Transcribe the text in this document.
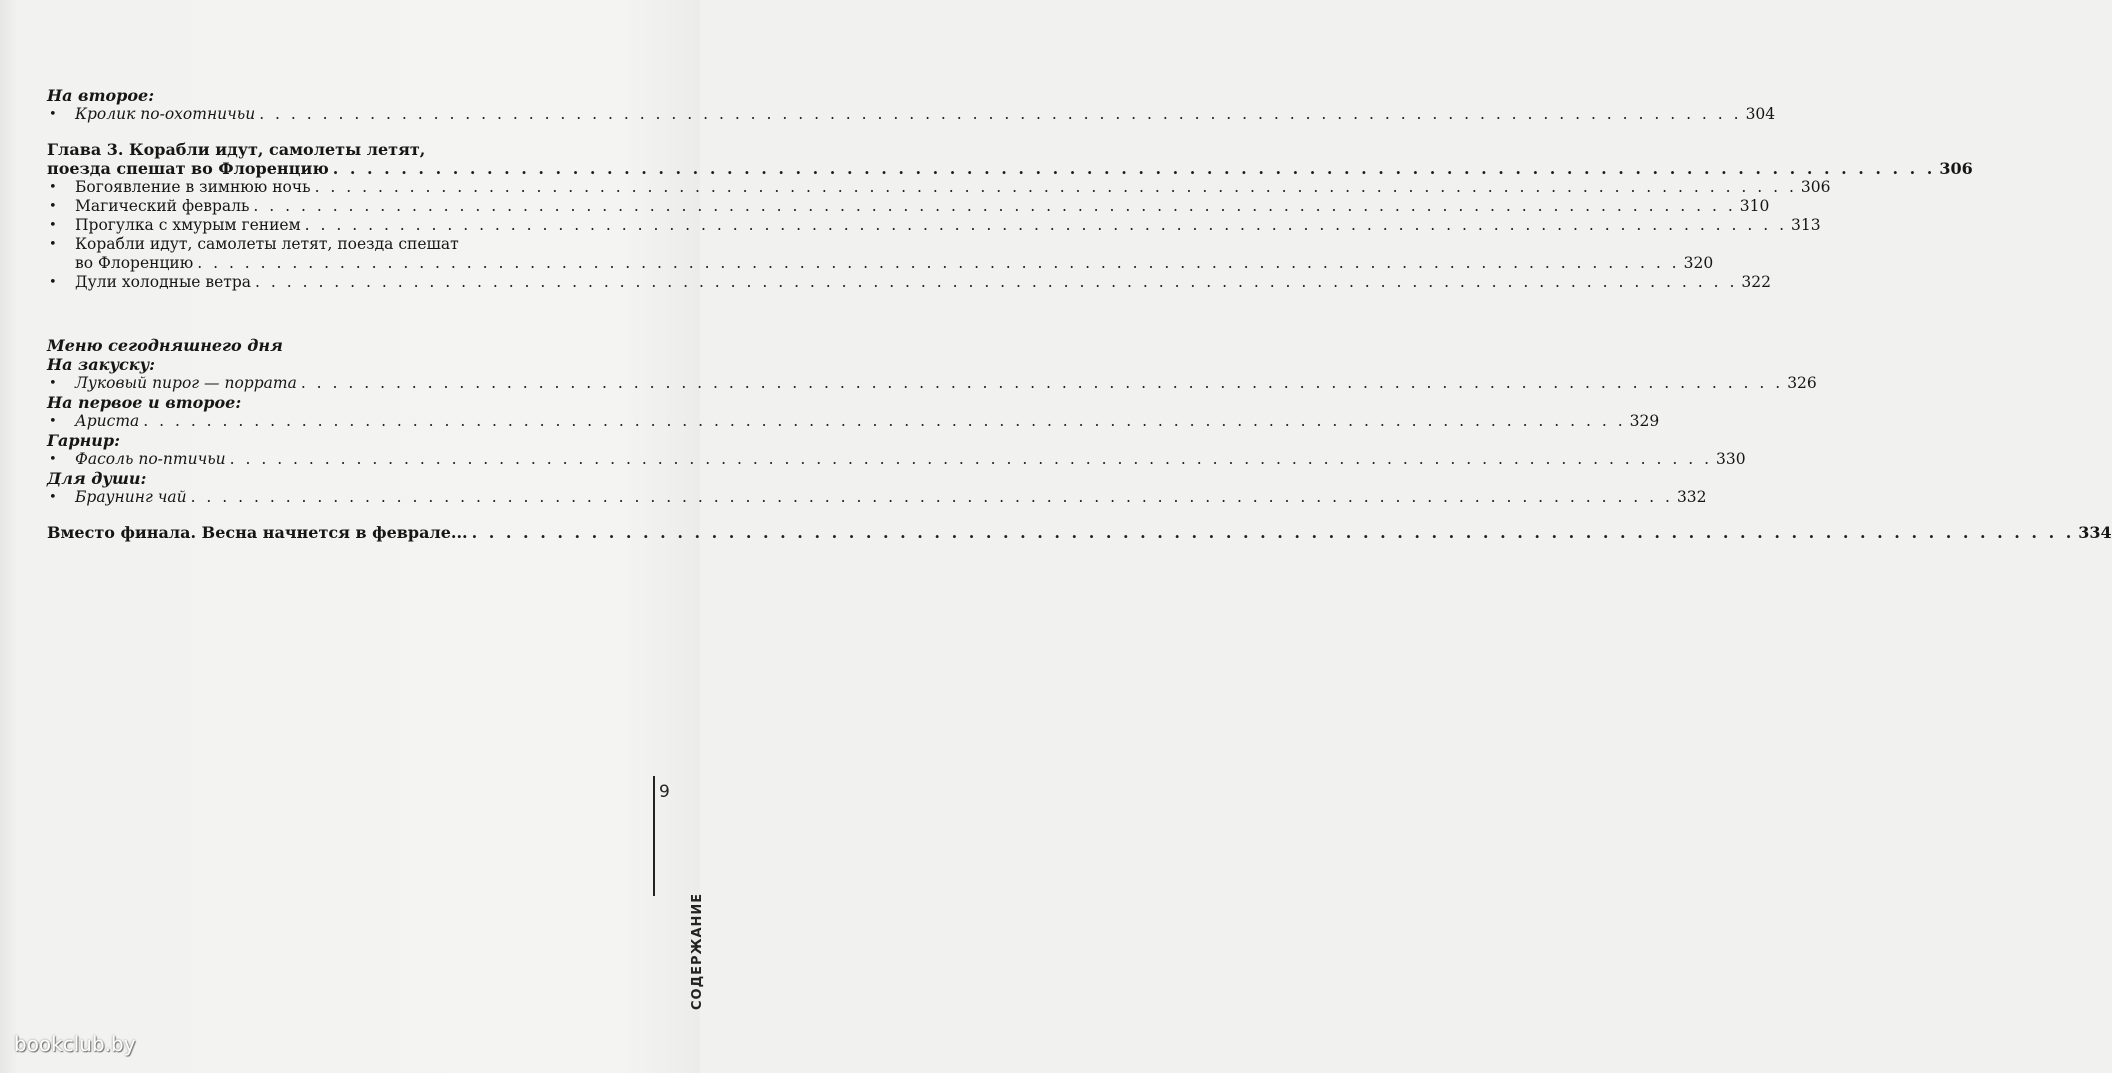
9
СОДЕРЖАНИЕ
На второе:
•	Кролик по-охотничьи . . .	304
Глава 3. Корабли идут, самолеты летят,
поезда спешат во Флоренцию . . .	306
•	Богоявление в зимнюю ночь . . .	306
•	Магический февраль . . .	310
•	Прогулка с хмурым гением . . .	313
•	Корабли идут, самолеты летят, поезда спешат
во Флоренцию . . .	320
•	Дули холодные ветра . . .	322
Меню сегодняшнего дня
На закуску:
•	Луковый пирог — поррата . . .	326
На первое и второе:
•	Ариста . . .	329
Гарнир:
•	Фасоль по-птичьи . . .	330
Для души:
•	Браунинг чай . . .	332
Вместо финала. Весна начнется в феврале... . . .	334
bookclub.by
